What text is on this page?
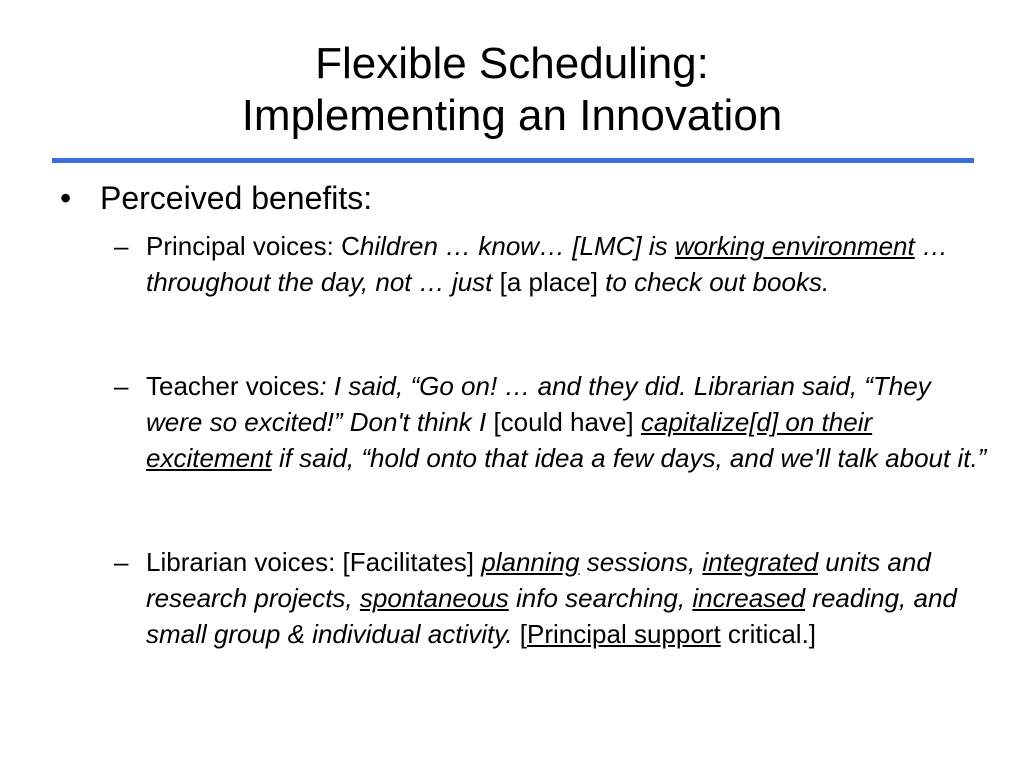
Flexible Scheduling:
Implementing an Innovation
• Perceived benefits:
– Principal voices: Children … know… [LMC] is working environment … throughout the day, not … just [a place] to check out books.
– Teacher voices: I said, “Go on! … and they did. Librarian said, “They were so excited!” Don't think I [could have] capitalize[d] on their excitement if said, “hold onto that idea a few days, and we'll talk about it.”
– Librarian voices: [Facilitates] planning sessions, integrated units and research projects, spontaneous info searching, increased reading, and small group & individual activity. [Principal support critical.]
